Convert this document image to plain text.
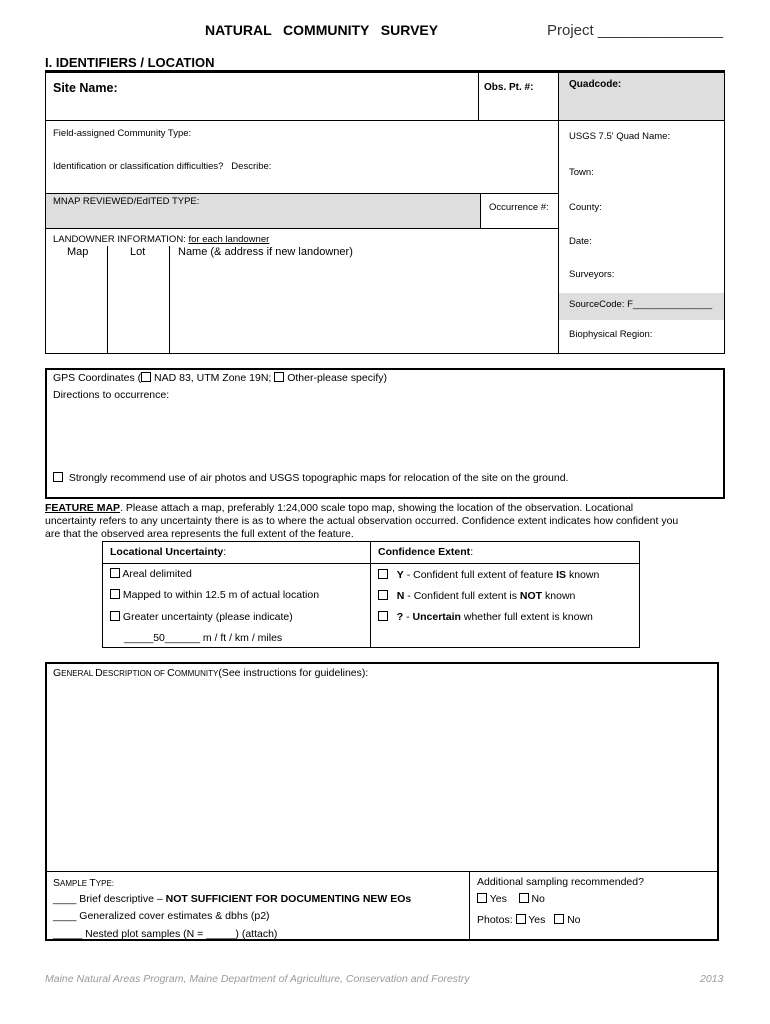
NATURAL   COMMUNITY   SURVEY	Project _______________
I. IDENTIFIERS / LOCATION
Site Name:	Obs. Pt. #:	Quadcode:
Field-assigned Community Type:
Identification or classification difficulties?   Describe:
MNAP REVIEWED/EdITED TYPE:
Occurrence #:
LANDOWNER INFORMATION: for each landowner
Map	Lot	Name (& address if new landowner)
USGS 7.5' Quad Name:
Town:
County:
Date:
Surveyors:
SourceCode: F_______________
Biophysical Region:
GPS Coordinates ( NAD 83, UTM Zone 19N; Other-please specify)
Directions to occurrence:
Strongly recommend use of air photos and USGS topographic maps for relocation of the site on the ground.
FEATURE MAP. Please attach a map, preferably 1:24,000 scale topo map, showing the location of the observation. Locational
uncertainty refers to any uncertainty there is as to where the actual observation occurred. Confidence extent indicates how confident you
are that the observed area represents the full extent of the feature.
Locational Uncertainty:
Areal delimited
Mapped to within 12.5 m of actual location
Greater uncertainty (please indicate)
_____50______ m / ft / km / miles
Confidence Extent:
Y - Confident full extent of feature IS known
N - Confident full extent is NOT known
? - Uncertain whether full extent is known
GENERAL DESCRIPTION OF COMMUNITY(See instructions for guidelines):
SAMPLE TYPE:
____ Brief descriptive – NOT SUFFICIENT FOR DOCUMENTING NEW EOs
____ Generalized cover estimates & dbhs (p2)
_____ Nested plot samples (N = _____) (attach)
Additional sampling recommended?
Yes No
Photos: Yes No
Maine Natural Areas Program, Maine Department of Agriculture, Conservation and Forestry	2013
